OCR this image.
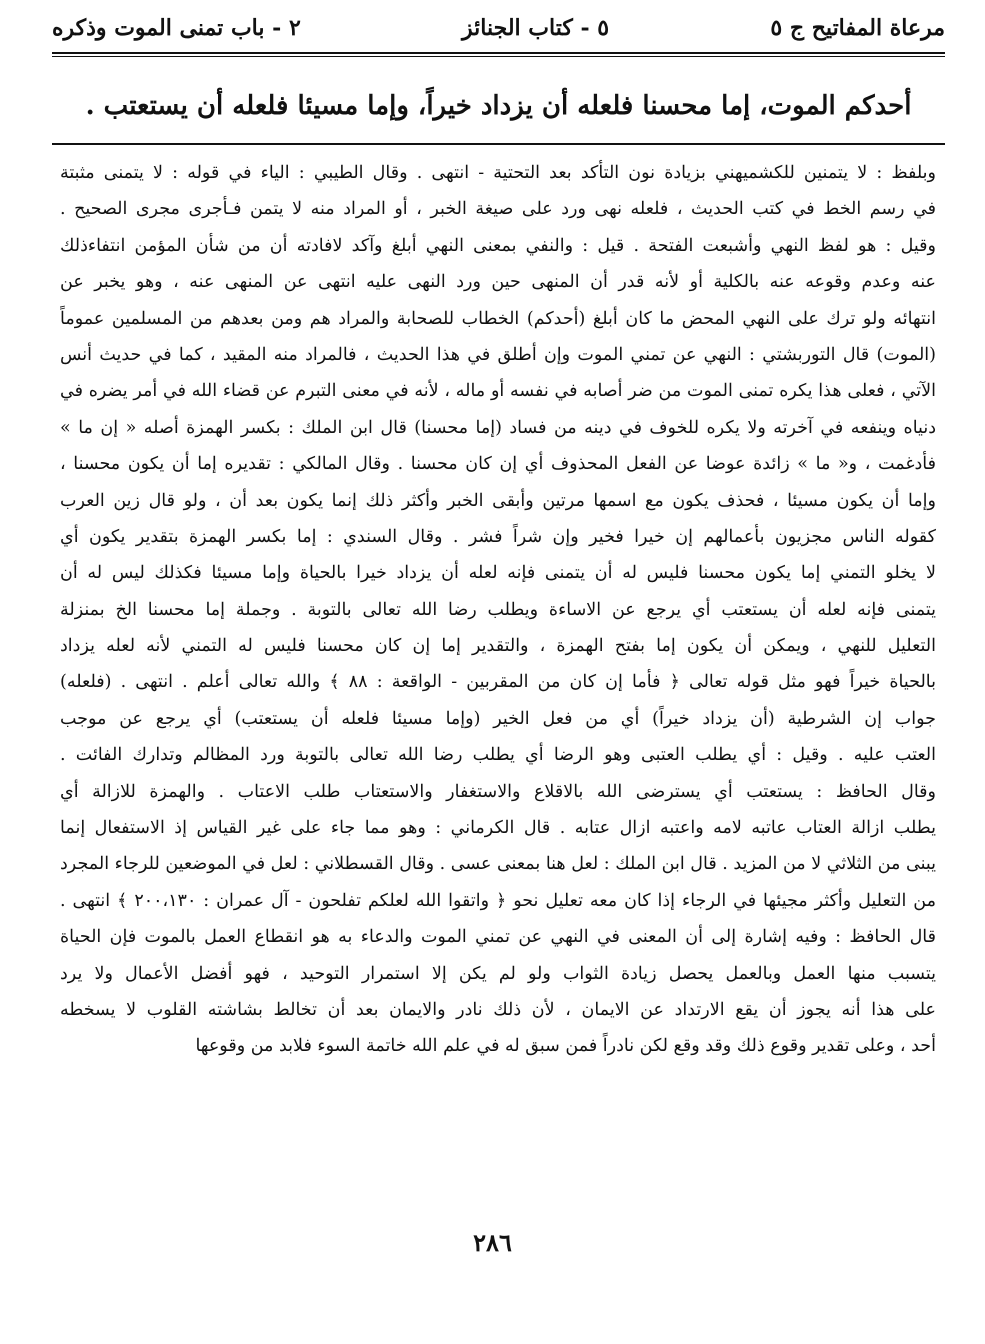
مرعاة المفاتيح ج ٥
٥ - كتاب الجنائز
٢ - باب تمنى الموت وذكره
أحدكم الموت، إما محسنا فلعله أن يزداد خيراً، وإما مسيئا فلعله أن يستعتب .
وبلفظ : لا يتمنين للكشميهني بزيادة نون التأكد بعد التحتية - انتهى . وقال الطيبي : الياء في قوله : لا يتمنى مثبتة
في رسم الخط في كتب الحديث ، فلعله نهى ورد على صيغة الخبر ، أو المراد منه لا يتمن فـأجرى مجرى الصحيح .
وقيل : هو لفظ النهي وأشبعت الفتحة . قيل : والنفي بمعنى النهي أبلغ وآكد لافادته أن من شأن المؤمن انتفاءذلك
عنه وعدم وقوعه عنه بالكلية أو لأنه قدر أن المنهى حين ورد النهى عليه انتهى عن المنهى عنه ، وهو يخبر عن
انتهائه ولو ترك على النهي المحض ما كان أبلغ (أحدكم) الخطاب للصحابة والمراد هم ومن بعدهم من المسلمين عموماً
(الموت) قال التوربشتي : النهي عن تمني الموت وإن أطلق في هذا الحديث ، فالمراد منه المقيد ، كما في حديث أنس
الآتي ، فعلى هذا يكره تمنى الموت من ضر أصابه في نفسه أو ماله ، لأنه في معنى التبرم عن قضاء الله في أمر يضره في
دنياه وينفعه في آخرته ولا يكره للخوف في دينه من فساد (إما محسنا) قال ابن الملك : بكسر الهمزة أصله « إن ما »
فأدغمت ، و« ما » زائدة عوضا عن الفعل المحذوف أي إن كان محسنا . وقال المالكي : تقديره إما أن يكون محسنا ،
وإما أن يكون مسيئا ، فحذف يكون مع اسمها مرتين وأبقى الخبر وأكثر ذلك إنما يكون بعد أن ، ولو قال زين العرب
كقوله الناس مجزيون بأعمالهم إن خيرا فخير وإن شراً فشر . وقال السندي : إما بكسر الهمزة بتقدير يكون أي
لا يخلو التمني إما يكون محسنا فليس له أن يتمنى فإنه لعله أن يزداد خيرا بالحياة وإما مسيئا فكذلك ليس له أن
يتمنى فإنه لعله أن يستعتب أي يرجع عن الاساءة ويطلب رضا الله تعالى بالتوبة . وجملة إما محسنا الخ بمنزلة
التعليل للنهي ، ويمكن أن يكون إما بفتح الهمزة ، والتقدير إما إن كان محسنا فليس له التمني لأنه لعله يزداد
بالحياة خيراً فهو مثل قوله تعالى ﴿ فأما إن كان من المقربين - الواقعة : ٨٨ ﴾ والله تعالى أعلم . انتهى . (فلعله)
جواب إن الشرطية (أن يزداد خيراً) أي من فعل الخير (وإما مسيئا فلعله أن يستعتب) أي يرجع عن موجب
العتب عليه . وقيل : أي يطلب العتبى وهو الرضا أي يطلب رضا الله تعالى بالتوبة ورد المظالم وتدارك الفائت .
وقال الحافظ : يستعتب أي يسترضى الله بالاقلاع والاستغفار والاستعتاب طلب الاعتاب . والهمزة للازالة أي
يطلب ازالة العتاب عاتبه لامه واعتبه ازال عتابه . قال الكرماني : وهو مما جاء على غير القياس إذ الاستفعال إنما
يبنى من الثلاثي لا من المزيد . قال ابن الملك : لعل هنا بمعنى عسى . وقال القسطلاني : لعل في الموضعين للرجاء المجرد
من التعليل وأكثر مجيئها في الرجاء إذا كان معه تعليل نحو ﴿ واتقوا الله لعلكم تفلحون - آل عمران : ٢٠٠،١٣٠ ﴾ انتهى .
قال الحافظ : وفيه إشارة إلى أن المعنى في النهي عن تمني الموت والدعاء به هو انقطاع العمل بالموت فإن الحياة
يتسبب منها العمل وبالعمل يحصل زيادة الثواب ولو لم يكن إلا استمرار التوحيد ، فهو أفضل الأعمال ولا يرد
على هذا أنه يجوز أن يقع الارتداد عن الايمان ، لأن ذلك نادر والايمان بعد أن تخالط بشاشته القلوب لا يسخطه
أحد ، وعلى تقدير وقوع ذلك وقد وقع لكن نادراً فمن سبق له في علم الله خاتمة السوء فلابد من وقوعها
٢٨٦
